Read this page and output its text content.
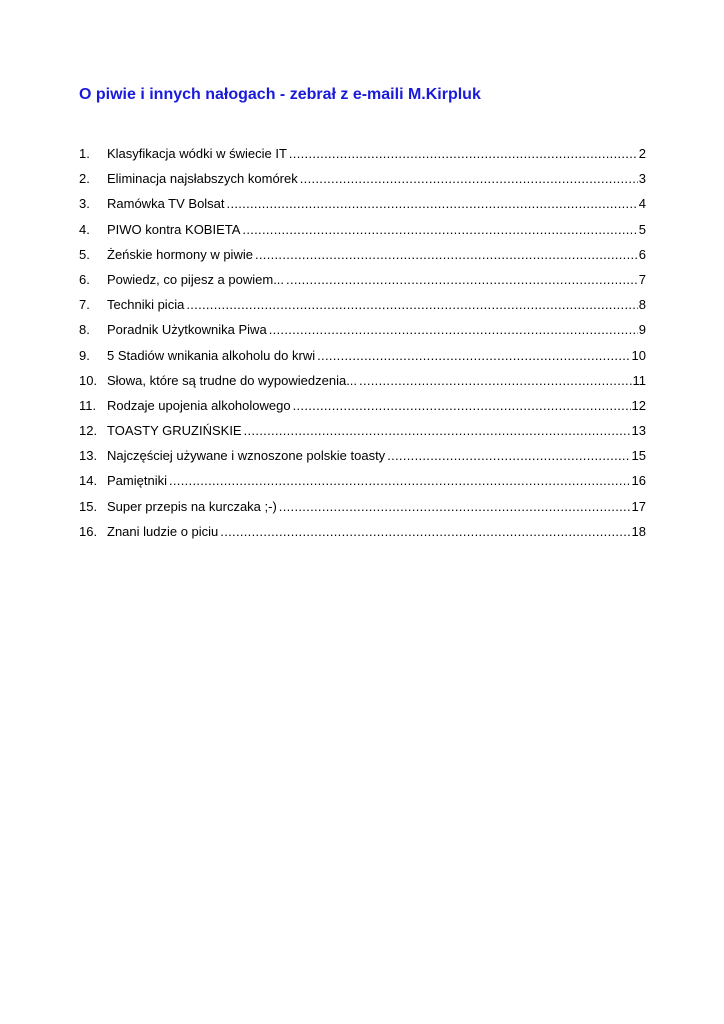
O piwie i innych nałogach - zebrał z e-maili M.Kirpluk
1.	Klasyfikacja wódki w świecie IT .....	2
2.	Eliminacja najsłabszych komórek .....	3
3.	Ramówka TV Bolsat .....	4
4.	PIWO kontra KOBIETA .....	5
5.	Żeńskie hormony w piwie .....	6
6.	Powiedz, co pijesz a powiem... .....	7
7.	Techniki picia .....	8
8.	Poradnik Użytkownika Piwa .....	9
9.	5 Stadiów wnikania alkoholu do krwi .....	10
10. Słowa, które są trudne do wypowiedzenia... .....	11
11. Rodzaje upojenia alkoholowego .....	12
12. TOASTY GRUZIŃSKIE .....	13
13. Najczęściej używane i wznoszone polskie toasty .....	15
14. Pamiętniki .....	16
15. Super przepis na kurczaka ;-) .....	17
16. Znani ludzie o piciu .....	18
